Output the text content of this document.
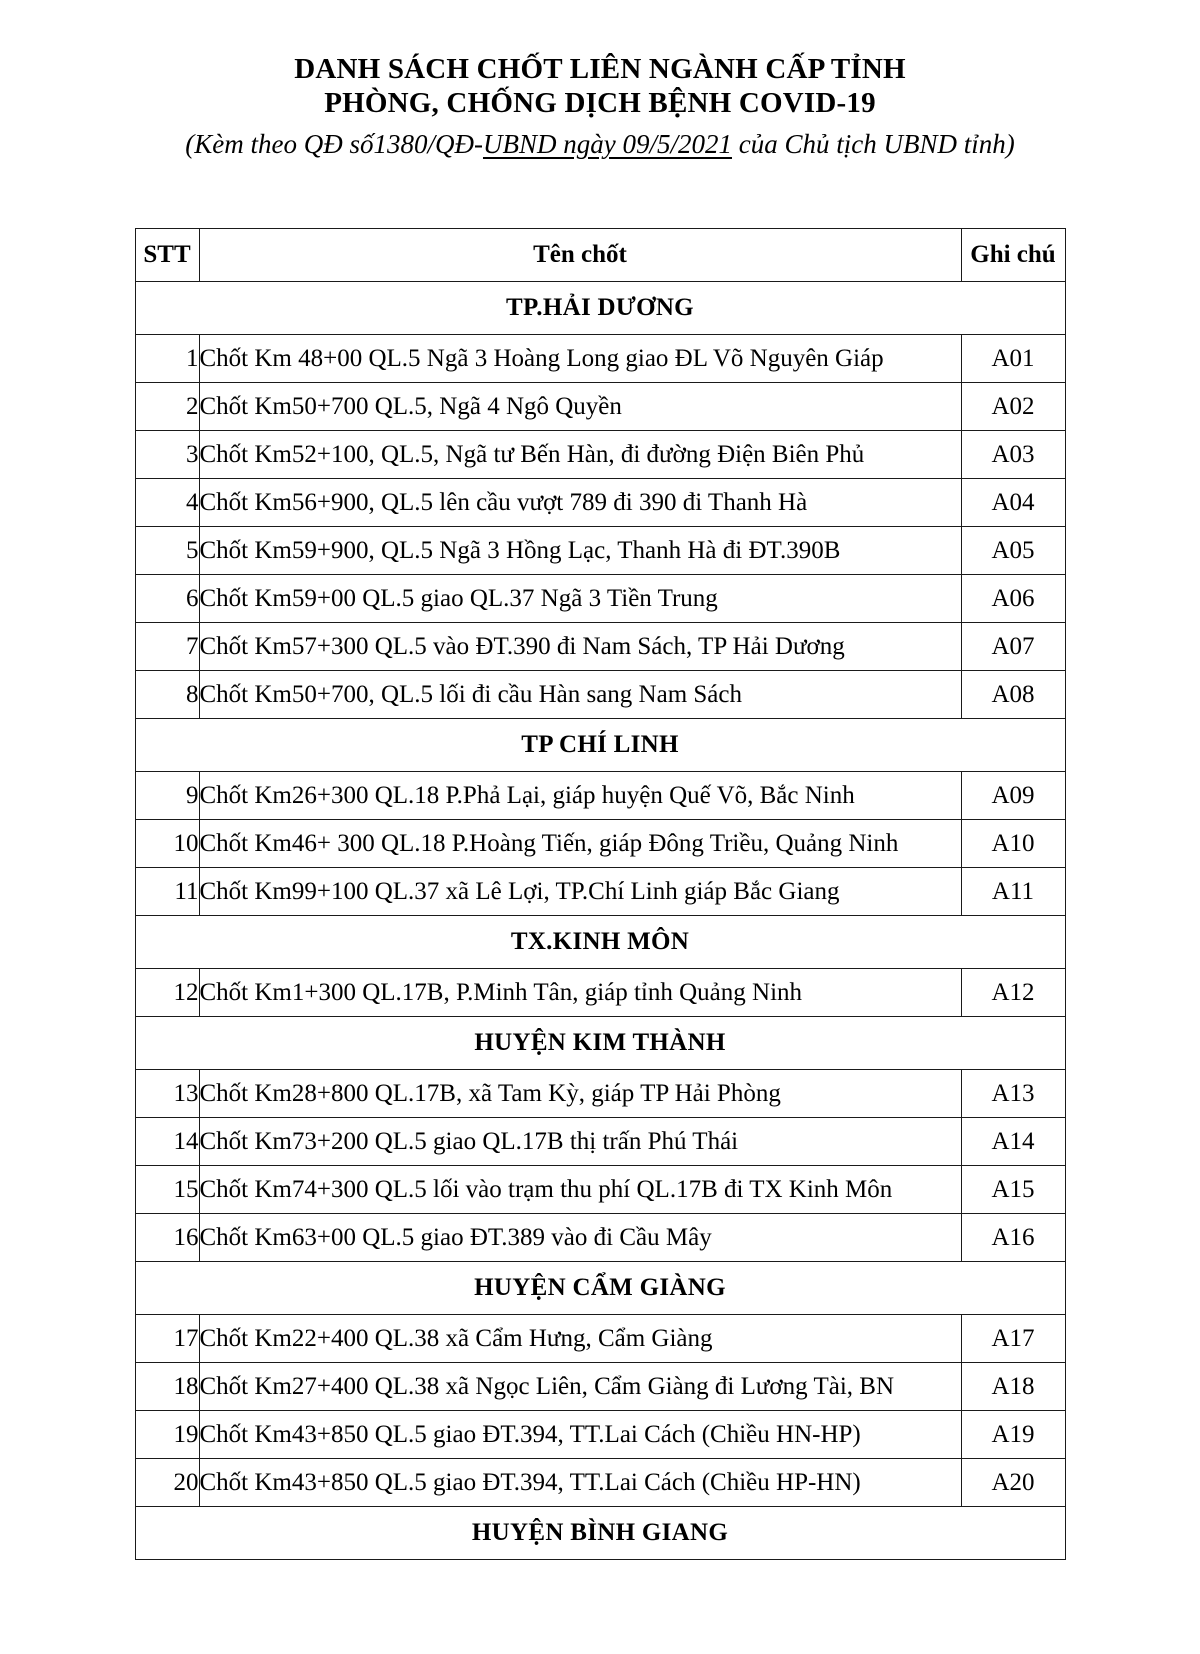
DANH SÁCH CHỐT LIÊN NGÀNH CẤP TỈNH
PHÒNG, CHỐNG DỊCH BỆNH COVID-19
(Kèm theo QĐ số1380/QĐ-UBND ngày 09/5/2021 của Chủ tịch UBND tỉnh)
STT	Tên chốt	Ghi chú
TP.HẢI DƯƠNG		
1	Chốt Km 48+00 QL.5 Ngã 3 Hoàng Long giao ĐL Võ Nguyên Giáp	A01
2	Chốt Km50+700 QL.5, Ngã 4 Ngô Quyền	A02
3	Chốt Km52+100, QL.5, Ngã tư Bến Hàn, đi đường Điện Biên Phủ	A03
4	Chốt Km56+900, QL.5 lên cầu vượt 789 đi 390 đi Thanh Hà	A04
5	Chốt Km59+900, QL.5 Ngã 3 Hồng Lạc, Thanh Hà đi ĐT.390B	A05
6	Chốt Km59+00 QL.5 giao QL.37 Ngã 3 Tiền Trung	A06
7	Chốt Km57+300 QL.5 vào ĐT.390 đi Nam Sách, TP Hải Dương	A07
8	Chốt Km50+700, QL.5 lối đi cầu Hàn sang Nam Sách	A08
TP CHÍ LINH		
9	Chốt Km26+300 QL.18 P.Phả Lại, giáp huyện Quế Võ, Bắc Ninh	A09
10	Chốt Km46+ 300 QL.18 P.Hoàng Tiến, giáp Đông Triều, Quảng Ninh	A10
11	Chốt Km99+100 QL.37 xã Lê Lợi, TP.Chí Linh giáp Bắc Giang	A11
TX.KINH MÔN		
12	Chốt Km1+300 QL.17B, P.Minh Tân, giáp tỉnh Quảng Ninh	A12
HUYỆN KIM THÀNH		
13	Chốt Km28+800 QL.17B, xã Tam Kỳ, giáp TP Hải Phòng	A13
14	Chốt Km73+200 QL.5 giao QL.17B thị trấn Phú Thái	A14
15	Chốt Km74+300 QL.5 lối vào trạm thu phí QL.17B đi TX Kinh Môn	A15
16	Chốt Km63+00 QL.5 giao ĐT.389 vào đi Cầu Mây	A16
HUYỆN CẨM GIÀNG		
17	Chốt Km22+400 QL.38 xã Cẩm Hưng, Cẩm Giàng	A17
18	Chốt Km27+400 QL.38 xã Ngọc Liên, Cẩm Giàng đi Lương Tài, BN	A18
19	Chốt Km43+850 QL.5 giao ĐT.394, TT.Lai Cách (Chiều HN-HP)	A19
20	Chốt Km43+850 QL.5 giao ĐT.394, TT.Lai Cách (Chiều HP-HN)	A20
HUYỆN BÌNH GIANG		
